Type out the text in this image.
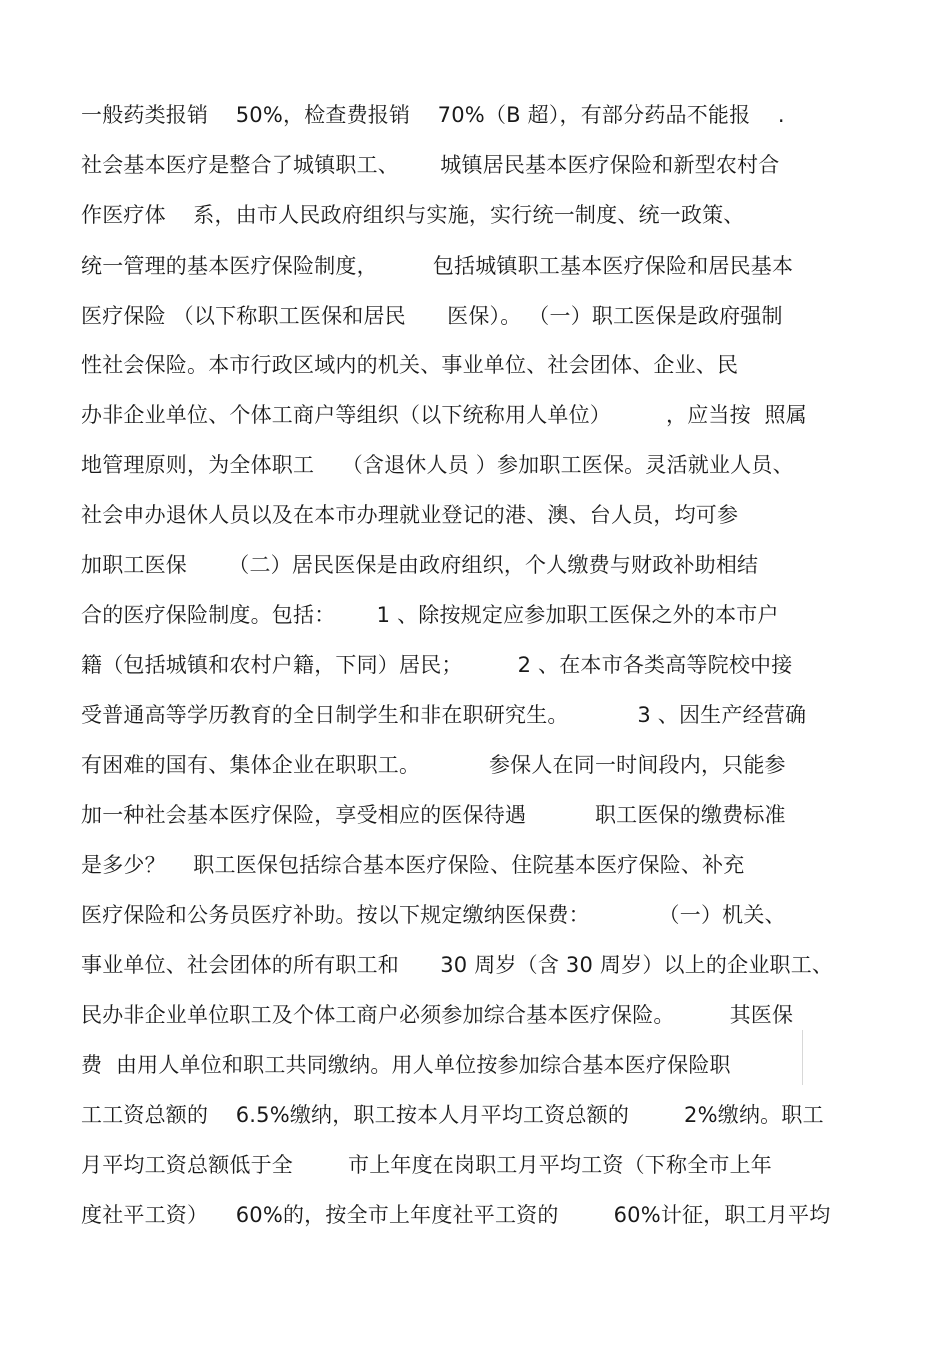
一般药类报销    50%，检查费报销    70%（B 超），有部分药品不能报    .
社会基本医疗是整合了城镇职工、      城镇居民基本医疗保险和新型农村合
作医疗体    系，由市人民政府组织与实施，实行统一制度、统一政策、
统一管理的基本医疗保险制度，        包括城镇职工基本医疗保险和居民基本
医疗保险 （以下称职工医保和居民      医保）。 （一）职工医保是政府强制
性社会保险。本市行政区域内的机关、事业单位、社会团体、企业、民
办非企业单位、个体工商户等组织（以下统称用人单位）        ，应当按  照属
地管理原则，为全体职工    （含退休人员 ）参加职工医保。灵活就业人员、
社会申办退休人员以及在本市办理就业登记的港、澳、台人员，均可参
加职工医保      （二）居民医保是由政府组织，个人缴费与财政补助相结
合的医疗保险制度。包括：      1 、除按规定应参加职工医保之外的本市户
籍（包括城镇和农村户籍，下同）居民；        2 、在本市各类高等院校中接
受普通高等学历教育的全日制学生和非在职研究生。          3 、因生产经营确
有困难的国有、集体企业在职职工。          参保人在同一时间段内，只能参
加一种社会基本医疗保险，享受相应的医保待遇          职工医保的缴费标准
是多少？    职工医保包括综合基本医疗保险、住院基本医疗保险、补充
医疗保险和公务员医疗补助。按以下规定缴纳医保费：          （一）机关、
事业单位、社会团体的所有职工和      30 周岁（含 30 周岁）以上的企业职工、
民办非企业单位职工及个体工商户必须参加综合基本医疗保险。        其医保
费  由用人单位和职工共同缴纳。用人单位按参加综合基本医疗保险职
工工资总额的    6.5%缴纳，职工按本人月平均工资总额的        2%缴纳。职工
月平均工资总额低于全        市上年度在岗职工月平均工资（下称全市上年
度社平工资）    60%的，按全市上年度社平工资的        60%计征，职工月平均
